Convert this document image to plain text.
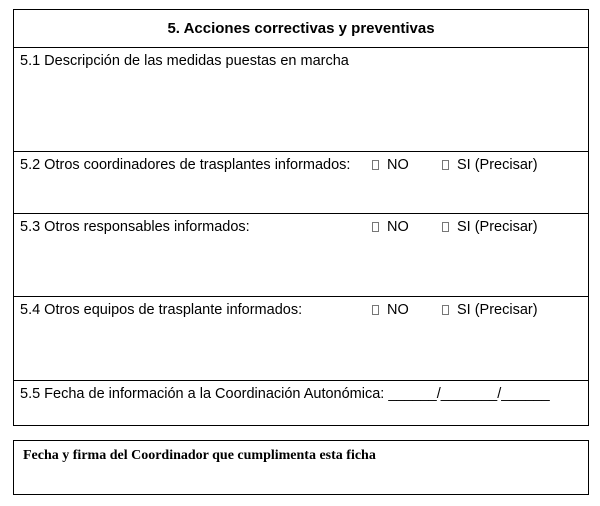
5. Acciones correctivas y preventivas
5.1 Descripción de las medidas puestas en marcha
5.2 Otros coordinadores de trasplantes informados:	NO	SI (Precisar)
5.3 Otros responsables informados:	NO	SI (Precisar)
5.4 Otros equipos de trasplante informados:	NO	SI (Precisar)
5.5 Fecha de información a la Coordinación Autonómica: ______/_______/______
Fecha y firma del Coordinador que cumplimenta esta ficha
